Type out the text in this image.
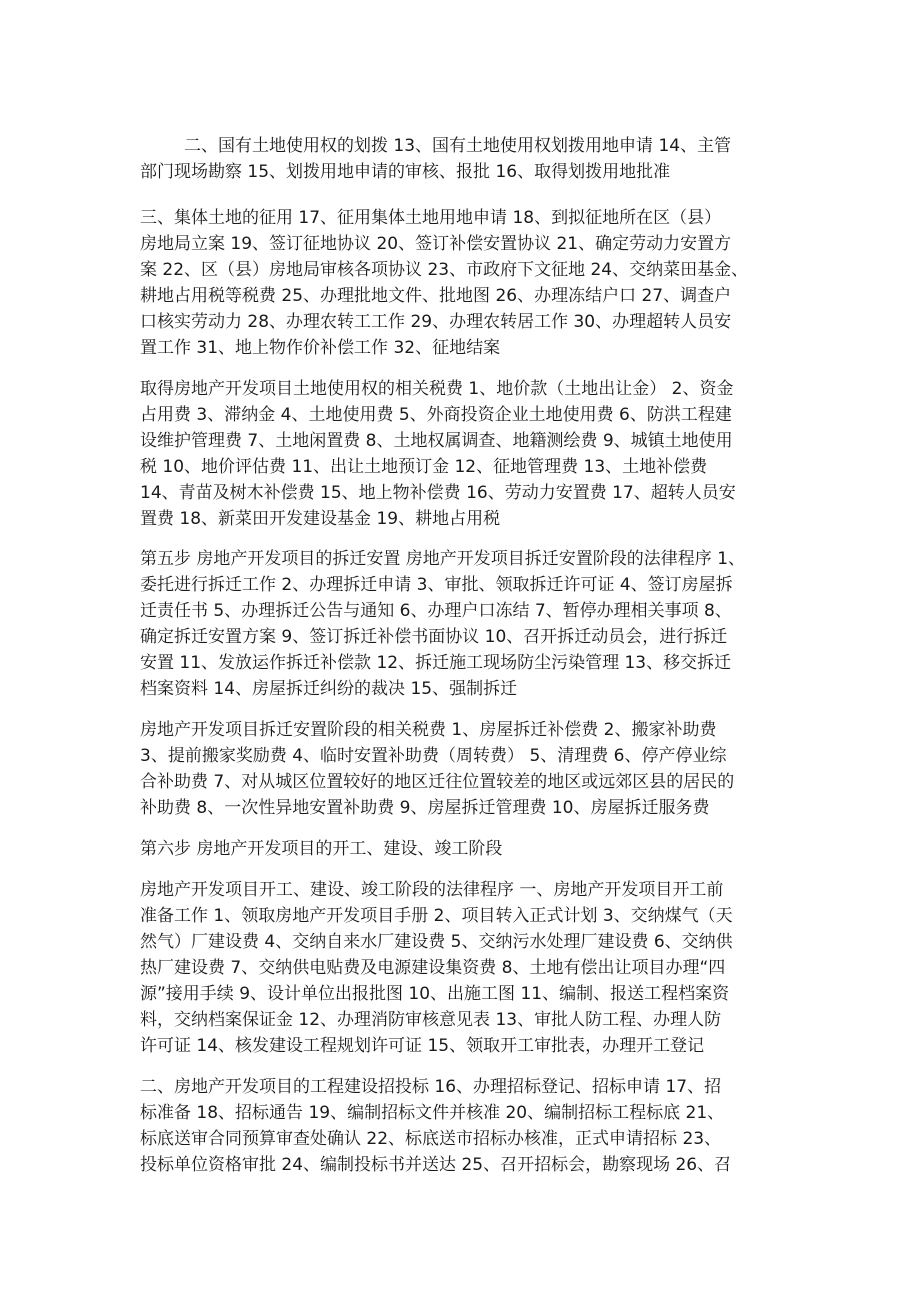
二、国有土地使用权的划拨 13、国有土地使用权划拨用地申请 14、主管

部门现场勘察 15、划拨用地申请的审核、报批 16、取得划拨用地批准

三、集体土地的征用 17、征用集体土地用地申请 18、到拟征地所在区（县）

房地局立案 19、签订征地协议 20、签订补偿安置协议 21、确定劳动力安置方

案 22、区（县）房地局审核各项协议 23、市政府下文征地 24、交纳菜田基金、

耕地占用税等税费 25、办理批地文件、批地图 26、办理冻结户口 27、调查户

口核实劳动力 28、办理农转工工作 29、办理农转居工作 30、办理超转人员安

置工作 31、地上物作价补偿工作 32、征地结案

取得房地产开发项目土地使用权的相关税费 1、地价款（土地出让金） 2、资金

占用费 3、滞纳金 4、土地使用费 5、外商投资企业土地使用费 6、防洪工程建

设维护管理费 7、土地闲置费 8、土地权属调查、地籍测绘费 9、城镇土地使用

税 10、地价评估费 11、出让土地预订金 12、征地管理费 13、土地补偿费

14、青苗及树木补偿费 15、地上物补偿费 16、劳动力安置费 17、超转人员安

置费 18、新菜田开发建设基金 19、耕地占用税

第五步 房地产开发项目的拆迁安置 房地产开发项目拆迁安置阶段的法律程序 1、

委托进行拆迁工作 2、办理拆迁申请 3、审批、领取拆迁许可证 4、签订房屋拆

迁责任书 5、办理拆迁公告与通知 6、办理户口冻结 7、暂停办理相关事项 8、

确定拆迁安置方案 9、签订拆迁补偿书面协议 10、召开拆迁动员会，进行拆迁

安置 11、发放运作拆迁补偿款 12、拆迁施工现场防尘污染管理 13、移交拆迁

档案资料 14、房屋拆迁纠纷的裁决 15、强制拆迁

房地产开发项目拆迁安置阶段的相关税费 1、房屋拆迁补偿费 2、搬家补助费

3、提前搬家奖励费 4、临时安置补助费（周转费） 5、清理费 6、停产停业综

合补助费 7、对从城区位置较好的地区迁往位置较差的地区或远郊区县的居民的

补助费 8、一次性异地安置补助费 9、房屋拆迁管理费 10、房屋拆迁服务费

第六步 房地产开发项目的开工、建设、竣工阶段

房地产开发项目开工、建设、竣工阶段的法律程序 一、房地产开发项目开工前

准备工作 1、领取房地产开发项目手册 2、项目转入正式计划 3、交纳煤气（天

然气）厂建设费 4、交纳自来水厂建设费 5、交纳污水处理厂建设费 6、交纳供

热厂建设费 7、交纳供电贴费及电源建设集资费 8、土地有偿出让项目办理“四

源”接用手续 9、设计单位出报批图 10、出施工图 11、编制、报送工程档案资

料，交纳档案保证金 12、办理消防审核意见表 13、审批人防工程、办理人防

许可证 14、核发建设工程规划许可证 15、领取开工审批表，办理开工登记

二、房地产开发项目的工程建设招投标 16、办理招标登记、招标申请 17、招

标准备 18、招标通告 19、编制招标文件并核准 20、编制招标工程标底 21、

标底送审合同预算审查处确认 22、标底送市招标办核准，正式申请招标 23、

投标单位资格审批 24、编制投标书并送达 25、召开招标会，勘察现场 26、召
